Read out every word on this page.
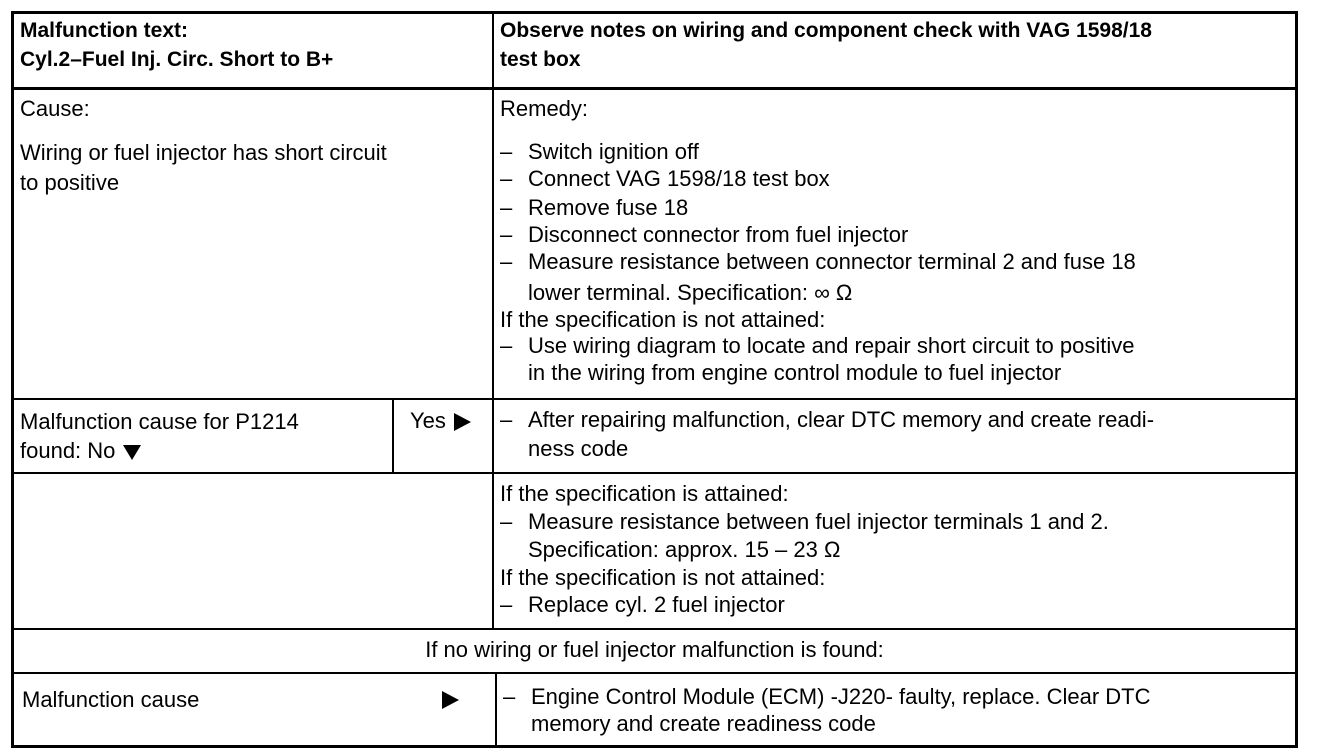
Malfunction text:
Cyl.2–Fuel Inj. Circ. Short to B+
Observe notes on wiring and component check with VAG 1598/18
test box
Cause:
Wiring or fuel injector has short circuit
to positive
Remedy:
– Switch ignition off
– Connect VAG 1598/18 test box
– Remove fuse 18
– Disconnect connector from fuel injector
– Measure resistance between connector terminal 2 and fuse 18
lower terminal. Specification: ∞ Ω
If the specification is not attained:
– Use wiring diagram to locate and repair short circuit to positive
in the wiring from engine control module to fuel injector
Malfunction cause for P1214
found: No
Yes	– After repairing malfunction, clear DTC memory and create readi-
ness code
If the specification is attained:
– Measure resistance between fuel injector terminals 1 and 2.
Specification: approx. 15 – 23 Ω
If the specification is not attained:
– Replace cyl. 2 fuel injector
If no wiring or fuel injector malfunction is found:
Malfunction cause	– Engine Control Module (ECM) -J220- faulty, replace. Clear DTC
memory and create readiness code
